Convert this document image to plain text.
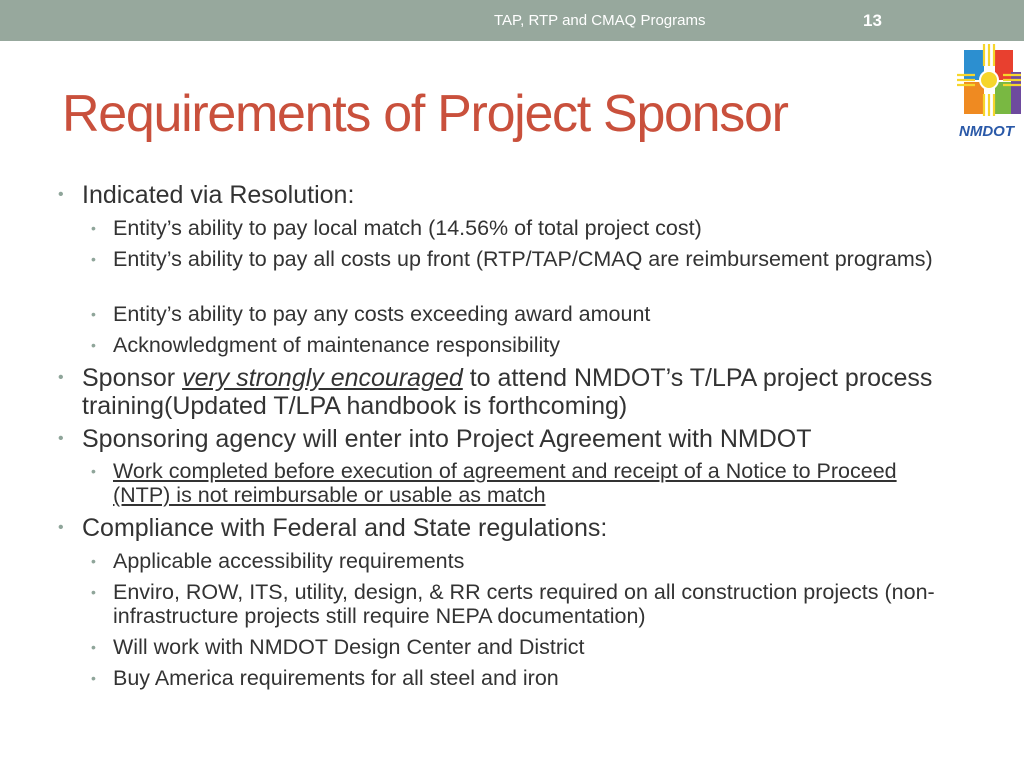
TAP, RTP and CMAQ Programs	13
NMDOT
Requirements of Project Sponsor

• Indicated via Resolution:

• Entity’s ability to pay local match (14.56% of total project cost)

• Entity’s ability to pay all costs up front (RTP/TAP/CMAQ are reimbursement programs)

• Entity’s ability to pay any costs exceeding award amount

• Acknowledgment of maintenance responsibility

• Sponsor very strongly encouraged to attend NMDOT’s T/LPA project process training(Updated T/LPA handbook is forthcoming)

• Sponsoring agency will enter into Project Agreement with NMDOT

• Work completed before execution of agreement and receipt of a Notice to Proceed (NTP) is not reimbursable or usable as match

• Compliance with Federal and State regulations:

• Applicable accessibility requirements

• Enviro, ROW, ITS, utility, design, & RR certs required on all construction projects (non-infrastructure projects still require NEPA documentation)

• Will work with NMDOT Design Center and District

• Buy America requirements for all steel and iron
